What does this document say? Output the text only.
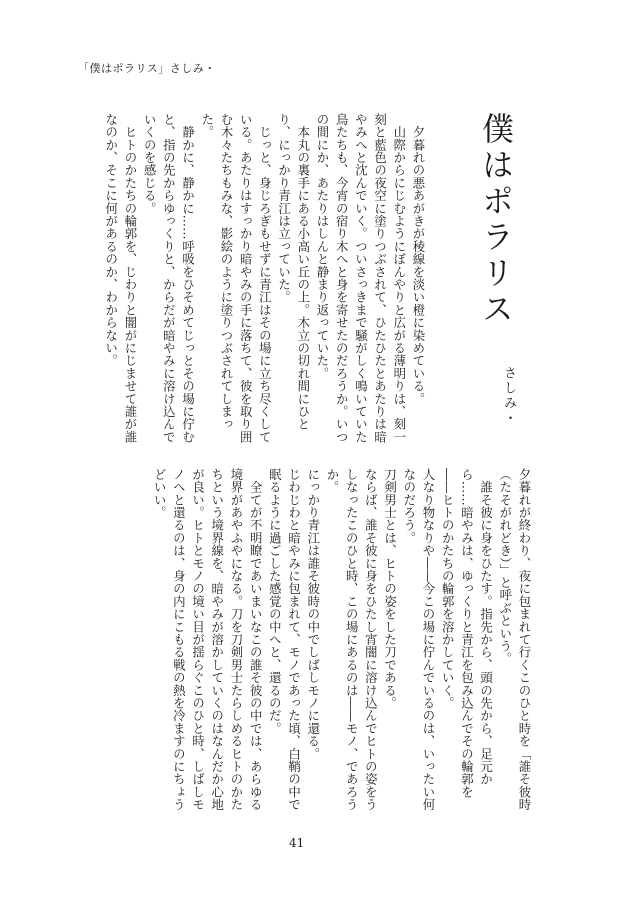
「僕はポラリス」さしみ・
僕はポラリス
さしみ・

　夕暮れの悪あがきが稜線を淡い橙に染めている。

　山際からにじむようにぼんやりと広がる薄明りは、刻一刻と藍色の夜空に塗りつぶされて、ひたひたとあたりは暗やみへと沈んでいく。ついさっきまで騒がしく鳴いていた鳥たちも、今宵の宿り木へと身を寄せたのだろうか。いつの間にか、あたりはしんと静まり返っていた。

　本丸の裏手にある小高い丘の上。木立の切れ間にひとり、にっかり青江は立っていた。

　じっと、身じろぎもせずに青江はその場に立ち尽くしている。あたりはすっかり暗やみの手に落ちて、彼を取り囲む木々たちもみな、影絵のように塗りつぶされてしまった。

　静かに、静かに……呼吸をひそめてじっとその場に佇むと、指の先からゆっくりと、からだが暗やみに溶け込んでいくのを感じる。

　ヒトのかたちの輪郭を、じわりと闇がにじませて誰が誰なのか、そこに何があるのか、わからない。

夕暮れが終わり、夜に包まれて行くこのひと時を「誰そ彼時（たそがれどき）」と呼ぶという。

　誰そ彼に身をひたす。指先から、頭の先から、足元から……暗やみは、ゆっくりと青江を包み込んでその輪郭を――ヒトのかたちの輪郭を溶かしていく。

人なり物なりや――今この場に佇んでいるのは、いったい何なのだろう。

刀剣男士とは、ヒトの姿をした刀である。

ならば、誰そ彼に身をひたし宵闇に溶け込んでヒトの姿をうしなったこのひと時、この場にあるのは――モノ、であろうか。

にっかり青江は誰そ彼時の中でしばしモノに還る。

じわじわと暗やみに包まれて、モノであった頃、白鞘の中で眠るように過ごした感覚の中へと、還るのだ。

　全てが不明瞭であいまいなこの誰そ彼の中では、あらゆる境界があやふやになる。刀を刀剣男士たらしめるヒトのかたちという境界線を、暗やみが溶かしていくのはなんだか心地が良い。ヒトとモノの境い目が揺らぐこのひと時、しばしモノへと還るのは、身の内にこもる戦の熱を冷ますのにちょうどいい。

41
